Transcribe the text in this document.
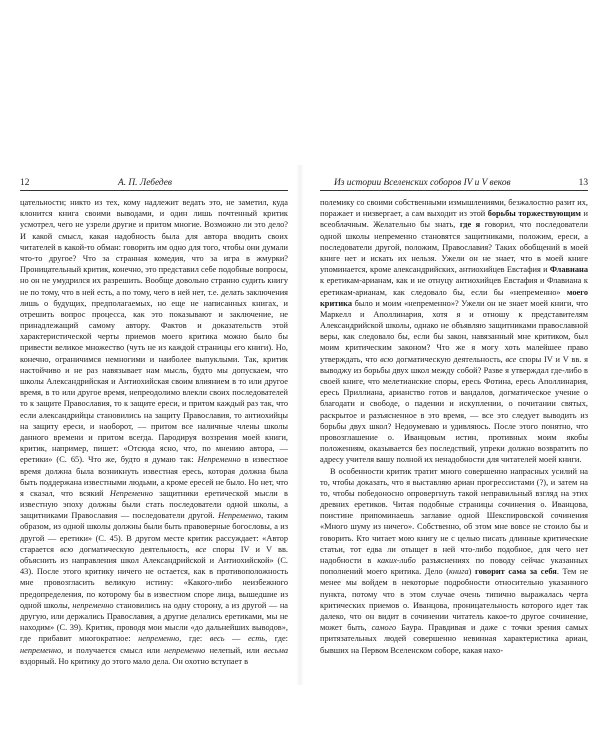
12	А. П. Лебедев

цательности; никто из тех, кому надлежит ведать это, не заметил, куда клонится книга своими выводами, и один лишь почтенный критик усмотрел, чего не узрели другие и притом многие. Возможно ли это дело? И какой смысл, какая надобность была для автора вводить своих читателей в какой-то обман: говорить им одно для того, чтобы они думали что-то другое? Что за странная комедия, что за игра в жмурки? Проницательный критик, конечно, это представил себе подобные вопросы, но он не умудрился их разрешить. Вообще довольно странно судить книгу не по тому, что в ней есть, а по тому, чего в ней нет, т.е. делать заключения лишь о будущих, предполагаемых, но еще не написанных книгах, и отрешить вопрос процесса, как это показывают и заключение, не принадлежащий самому автору. Фактов и доказательств этой характеристической черты приемов моего критика можно было бы привести великое множество (чуть не из каждой страницы его книги). Но, конечно, ограничимся немногими и наиболее выпуклыми. Так, критик настойчиво и не раз навязывает нам мысль, будто мы допускаем, что школы Александрийская и Антиохийская своим влиянием в то или другое время, в то или другое время, непреодолимо влекли своих последователей то к защите Православия, то к защите ереси, и притом каждый раз так, что если александрийцы становились на защиту Православия, то антиохийцы на защиту ереси, и наоборот, — притом все наличные члены школы данного времени и притом всегда. Пародируя воззрения моей книги, критик, например, пишет: «Отсюда ясно, что, по мнению автора, — еретики» (С. 65). Что же, будто я думаю так: Непременно в известное время должна была возникнуть известная ересь, которая должна была быть поддержана известными людьми, а кроме ересей не было. Но нет, что я сказал, что всякий Непременно защитники еретической мысли в известную эпоху должны были стать последователи одной школы, а защитниками Православия — последователи другой. Непременно, таким образом, из одной школы должны были быть правоверные богословы, а из другой — еретики» (С. 45). В другом месте критик рассуждает: «Автор старается всю догматическую деятельность, все споры IV и V вв. объяснить из направления школ Александрийской и Антиохийской» (С. 43). После этого критику ничего не остается, как в противоположность мне провозгласить великую истину: «Какого-либо неизбежного предопределения, по которому бы в известном споре лица, вышедшие из одной школы, непременно становились на одну сторону, а из другой — на другую, или держались Православия, а другие делались еретиками, мы не находим» (С. 39). Критик, проводя мои мысли «до дальнейших выводов», где прибавит многократное: непременно, где: весь — есть, где: непременно, и получается смысл или непременно нелепый, или весьма вздорный. Но критику до этого мало дела. Он охотно вступает в

Из истории Вселенских соборов IV и V веков	13

полемику со своими собственными измышлениями, безжалостно разит их, поражает и низвергает, а сам выходит из этой борьбы торжествующим и всеоблачным. Желательно бы знать, где я говорил, что последователи одной школы непременно становятся защитниками, положим, ереси, а последователи другой, положим, Православия? Таких обобщений в моей книге нет и искать их нельзя. Ужели он не знает, что в моей книге упоминается, кроме александрийских, антиохийцев Евстафия и Флавиана к еретикам-арианам, как и не отнуцу антиохийцев Евстафия и Флавиана к еретикам-арианам, как следовало бы, если бы «непременно» моего критика было и моим «непременно»? Ужели он не знает моей книги, что Маркелл и Аполлинария, хотя я и отношу к представителям Александрийской школы, однако не объявляю защитниками православной веры, как следовало бы, если бы закон, навязанный мне критиком, был моим критическим законом? Что же я могу хоть малейшее право утверждать, что всю догматическую деятельность, все споры IV и V вв. я выводжу из борьбы двух школ между собой? Разве я утверждал где-либо в своей книге, что мелетианские споры, ересь Фотина, ересь Аполлинария, ересь Приллиана, арианство готов и вандалов, догматическое учение о благодати и свободе, о падении и искуплении, о почитании святых, раскрытое и разъясненное в это время, — все это следует выводить из борьбы двух школ? Недоумеваю и удивляюсь. После этого понятно, что провозглашение о. Иванцовым истин, противных моим якобы положениям, оказывается без последствий, упреки должно возвратить по адресу учителя вашу полной их ненадобности для читателей моей книги.

В особенности критик тратит много совершенно напрасных усилий на то, чтобы доказать, что я выставляю ариан прогрессистами (?), и затем на то, чтобы победоносно опровергнуть такой неправильный взгляд на этих древних еретиков. Читая подобные страницы сочинения о. Иванцова, поистине припоминаешь заглавие одной Шекспировской сочинения «Много шуму из ничего». Собственно, об этом мне вовсе не стоило бы и говорить. Кто читает мою книгу не с целью писать длинные критические статьи, тот едва ли отыщет в ней что-либо подобное, для чего нет надобности в каких-либо разъяснениях по поводу сейчас указанных пополнений моего критика. Дело (книга) говорит сама за себя. Тем не менее мы войдем в некоторые подробности относительно указанного пункта, потому что в этом случае очень типично выражалась черта критических приемов о. Иванцова, проницательность которого идет так далеко, что он видит в сочинении читатель какое-то другое сочинение, может быть, самого Баура. Правдивая и даже с точки зрения самых притязательных людей совершенно невинная характеристика ариан, бывших на Первом Вселенском соборе, какая нахо-
